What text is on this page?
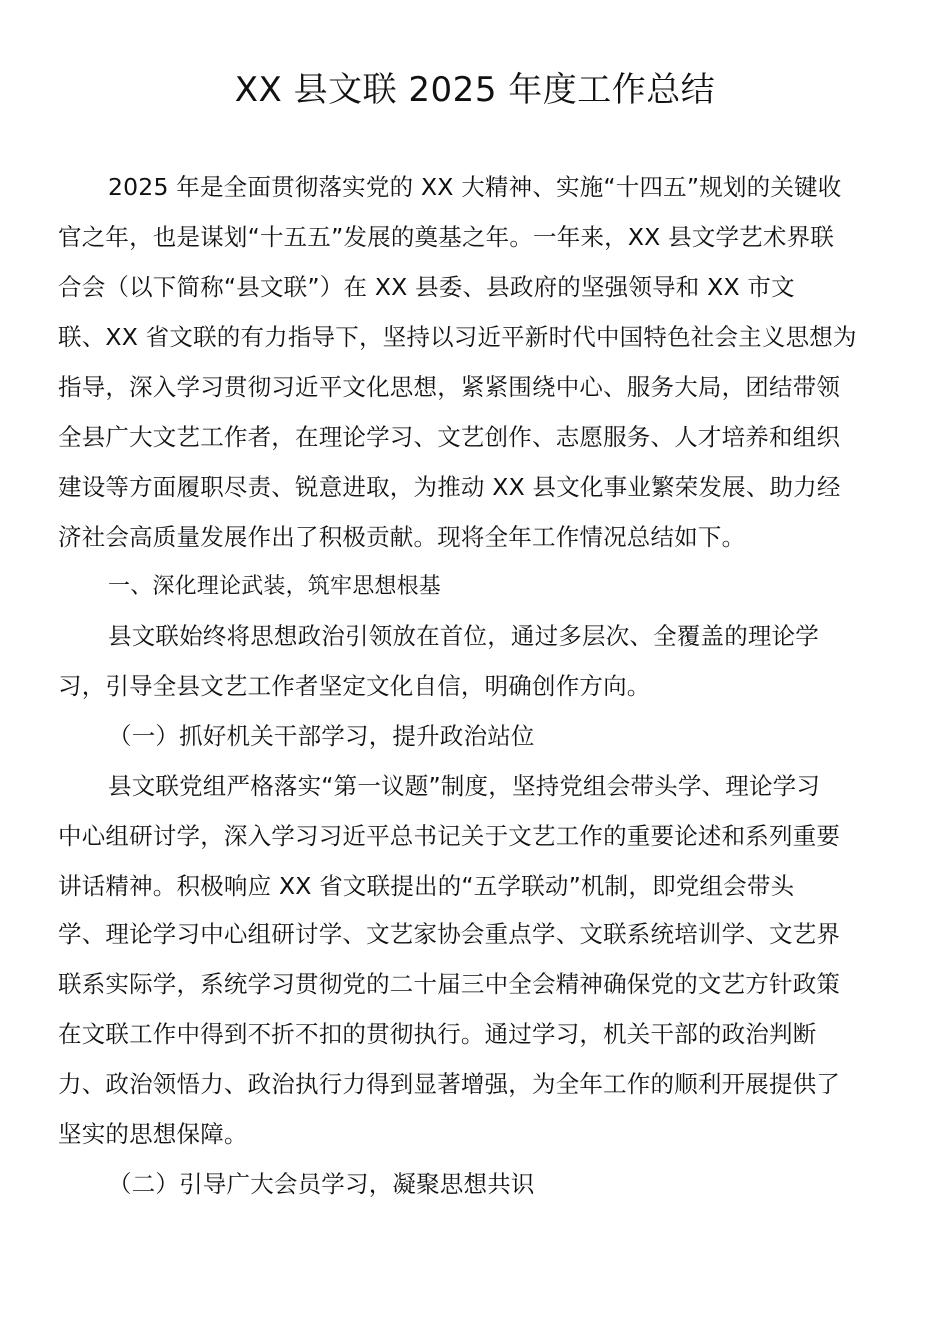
XX 县文联 2025 年度工作总结
2025 年是全面贯彻落实党的 XX 大精神、实施“十四五”规划的关键收
官之年，也是谋划“十五五”发展的奠基之年。一年来，XX 县文学艺术界联
合会（以下简称“县文联”）在 XX 县委、县政府的坚强领导和 XX 市文
联、XX 省文联的有力指导下，坚持以习近平新时代中国特色社会主义思想为
指导，深入学习贯彻习近平文化思想，紧紧围绕中心、服务大局，团结带领
全县广大文艺工作者，在理论学习、文艺创作、志愿服务、人才培养和组织
建设等方面履职尽责、锐意进取，为推动 XX 县文化事业繁荣发展、助力经
济社会高质量发展作出了积极贡献。现将全年工作情况总结如下。
一、深化理论武装，筑牢思想根基
县文联始终将思想政治引领放在首位，通过多层次、全覆盖的理论学
习，引导全县文艺工作者坚定文化自信，明确创作方向。
（一）抓好机关干部学习，提升政治站位
县文联党组严格落实“第一议题”制度，坚持党组会带头学、理论学习
中心组研讨学，深入学习习近平总书记关于文艺工作的重要论述和系列重要
讲话精神。积极响应 XX 省文联提出的“五学联动”机制，即党组会带头
学、理论学习中心组研讨学、文艺家协会重点学、文联系统培训学、文艺界
联系实际学，系统学习贯彻党的二十届三中全会精神确保党的文艺方针政策
在文联工作中得到不折不扣的贯彻执行。通过学习，机关干部的政治判断
力、政治领悟力、政治执行力得到显著增强，为全年工作的顺利开展提供了
坚实的思想保障。
（二）引导广大会员学习，凝聚思想共识
